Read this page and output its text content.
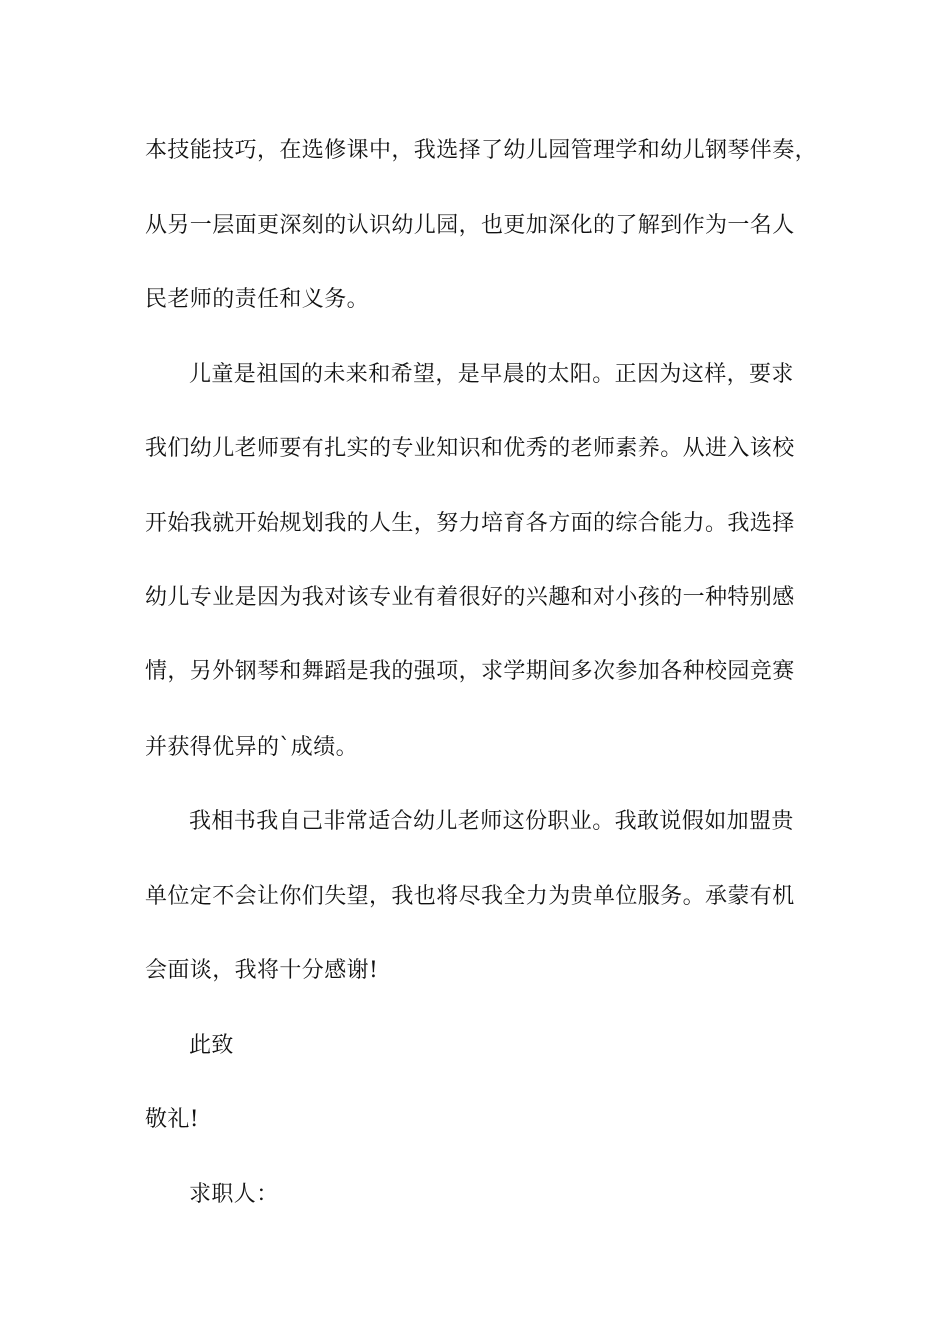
本技能技巧，在选修课中，我选择了幼儿园管理学和幼儿钢琴伴奏，
从另一层面更深刻的认识幼儿园，也更加深化的了解到作为一名人
民老师的责任和义务。
儿童是祖国的未来和希望，是早晨的太阳。正因为这样，要求
我们幼儿老师要有扎实的专业知识和优秀的老师素养。从进入该校
开始我就开始规划我的人生，努力培育各方面的综合能力。我选择
幼儿专业是因为我对该专业有着很好的兴趣和对小孩的一种特别感
情，另外钢琴和舞蹈是我的强项，求学期间多次参加各种校园竞赛
并获得优异的`成绩。
我相书我自己非常适合幼儿老师这份职业。我敢说假如加盟贵
单位定不会让你们失望，我也将尽我全力为贵单位服务。承蒙有机
会面谈，我将十分感谢!
此致
敬礼!
求职人：
